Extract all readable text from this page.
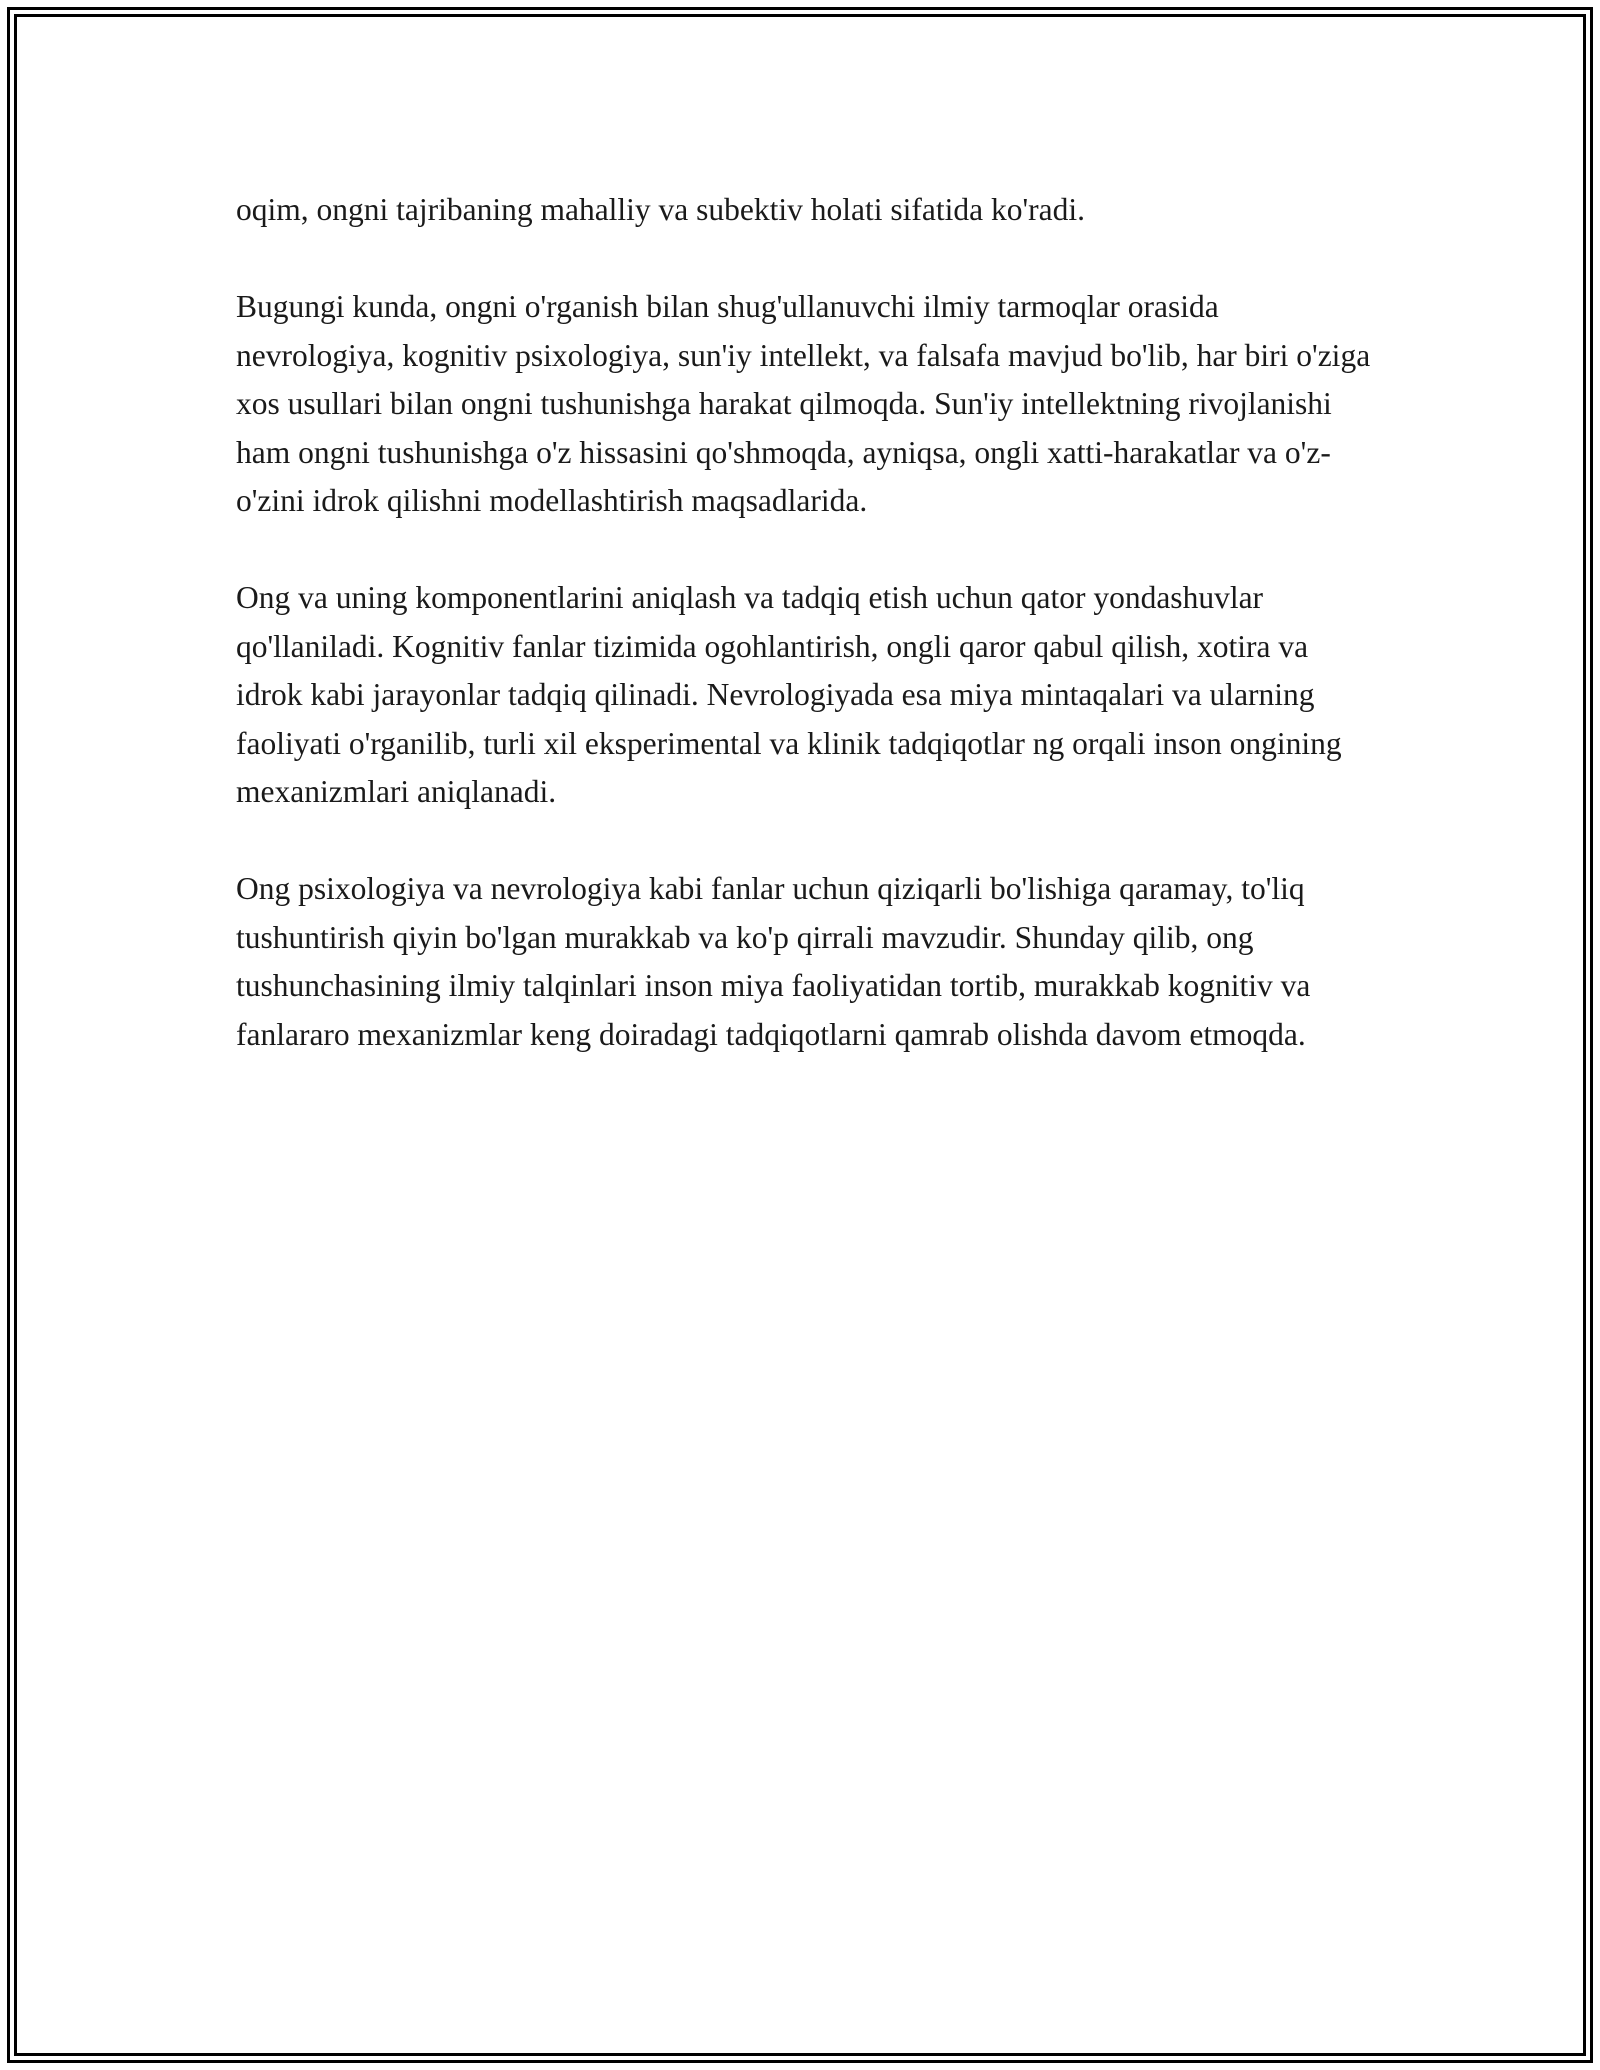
oqim, ongni tajribaning mahalliy va subektiv holati sifatida ko'radi.

Bugungi kunda, ongni o'rganish bilan shug'ullanuvchi ilmiy tarmoqlar orasida nevrologiya, kognitiv psixologiya, sun'iy intellekt, va falsafa mavjud bo'lib, har biri o'ziga xos usullari bilan ongni tushunishga harakat qilmoqda. Sun'iy intellektning rivojlanishi ham ongni tushunishga o'z hissasini qo'shmoqda, ayniqsa, ongli xatti-harakatlar va o'z-o'zini idrok qilishni modellashtirish maqsadlarida.

Ong va uning komponentlarini aniqlash va tadqiq etish uchun qator yondashuvlar qo'llaniladi. Kognitiv fanlar tizimida ogohlantirish, ongli qaror qabul qilish, xotira va idrok kabi jarayonlar tadqiq qilinadi. Nevrologiyada esa miya mintaqalari va ularning faoliyati o'rganilib, turli xil eksperimental va klinik tadqiqotlar ng orqali inson ongining mexanizmlari aniqlanadi.

Ong psixologiya va nevrologiya kabi fanlar uchun qiziqarli bo'lishiga qaramay, to'liq tushuntirish qiyin bo'lgan murakkab va ko'p qirrali mavzudir. Shunday qilib, ong tushunchasining ilmiy talqinlari inson miya faoliyatidan tortib, murakkab kognitiv va fanlararo mexanizmlar keng doiradagi tadqiqotlarni qamrab olishda davom etmoqda.
